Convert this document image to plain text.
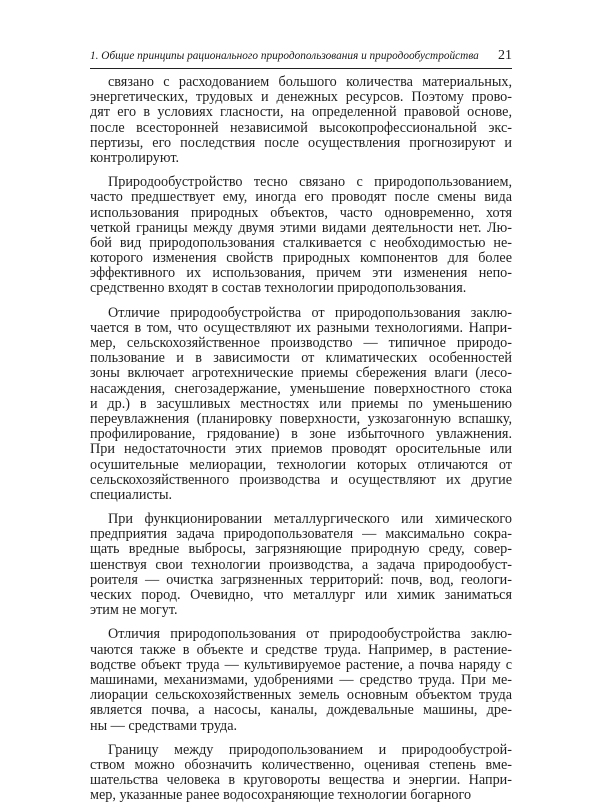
1. Общие принципы рационального природопользования и природообустройства 21
связано с расходованием большого количества материальных,
энергетических, трудовых и денежных ресурсов. Поэтому прово-
дят его в условиях гласности, на определенной правовой основе,
после всесторонней независимой высокопрофессиональной экс-
пертизы, его последствия после осуществления прогнозируют и
контролируют.
Природообустройство тесно связано с природопользованием,
часто предшествует ему, иногда его проводят после смены вида
использования природных объектов, часто одновременно, хотя
четкой границы между двумя этими видами деятельности нет. Лю-
бой вид природопользования сталкивается с необходимостью не-
которого изменения свойств природных компонентов для более
эффективного их использования, причем эти изменения непо-
средственно входят в состав технологии природопользования.
Отличие природообустройства от природопользования заклю-
чается в том, что осуществляют их разными технологиями. Напри-
мер, сельскохозяйственное производство — типичное природо-
пользование и в зависимости от климатических особенностей
зоны включает агротехнические приемы сбережения влаги (лесо-
насаждения, снегозадержание, уменьшение поверхностного стока
и др.) в засушливых местностях или приемы по уменьшению
переувлажнения (планировку поверхности, узкозагонную вспашку,
профилирование, грядование) в зоне избыточного увлажнения.
При недостаточности этих приемов проводят оросительные или
осушительные мелиорации, технологии которых отличаются от
сельскохозяйственного производства и осуществляют их другие
специалисты.
При функционировании металлургического или химического
предприятия задача природопользователя — максимально сокра-
щать вредные выбросы, загрязняющие природную среду, совер-
шенствуя свои технологии производства, а задача природообуст-
роителя — очистка загрязненных территорий: почв, вод, геологи-
ческих пород. Очевидно, что металлург или химик заниматься
этим не могут.
Отличия природопользования от природообустройства заклю-
чаются также в объекте и средстве труда. Например, в растение-
водстве объект труда — культивируемое растение, а почва наряду с
машинами, механизмами, удобрениями — средство труда. При ме-
лиорации сельскохозяйственных земель основным объектом труда
является почва, а насосы, каналы, дождевальные машины, дре-
ны — средствами труда.
Границу между природопользованием и природообустрой-
ством можно обозначить количественно, оценивая степень вме-
шательства человека в круговороты вещества и энергии. Напри-
мер, указанные ранее водосохраняющие технологии богарного
